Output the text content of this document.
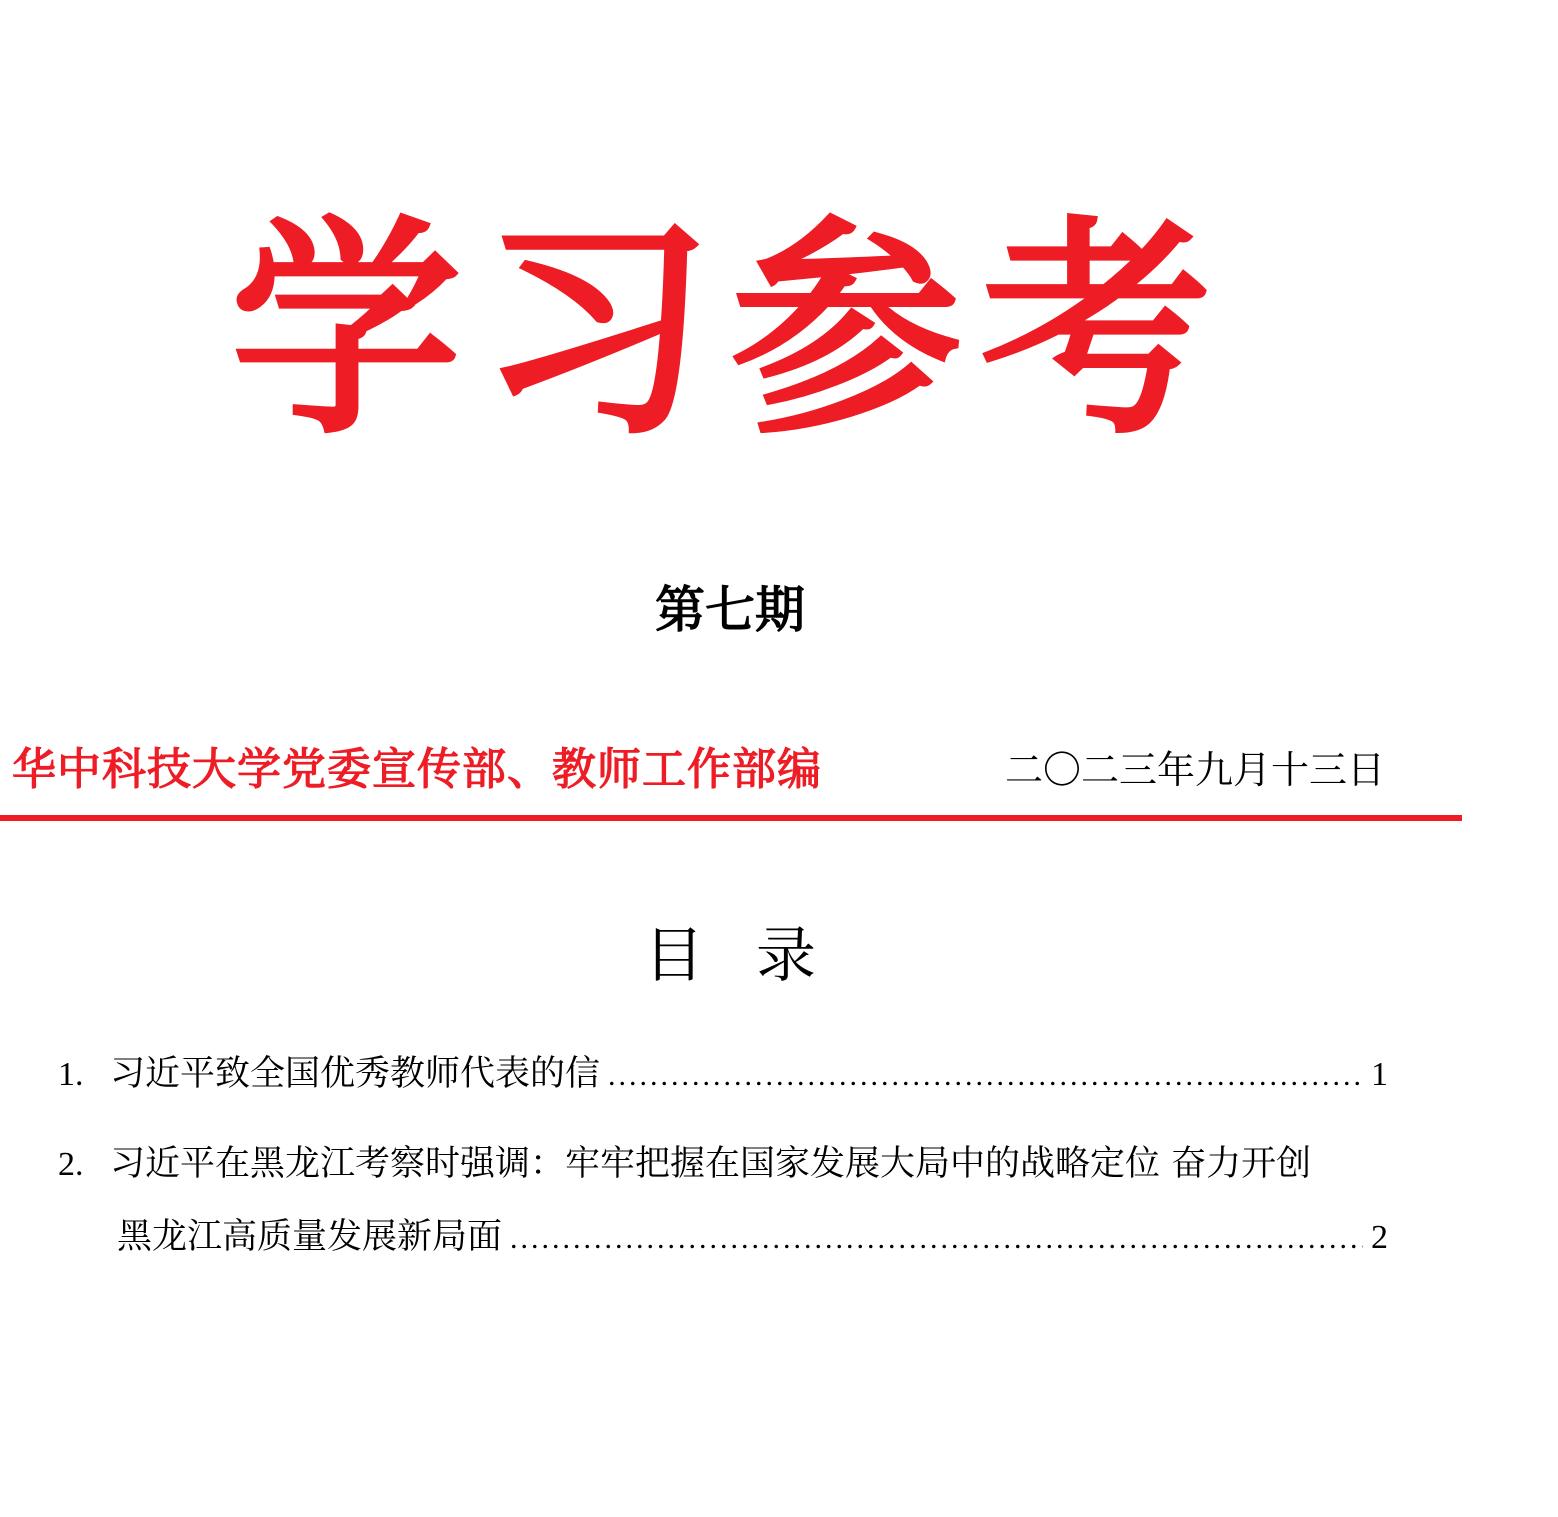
学习参考
第七期
华中科技大学党委宣传部、教师工作部编	二〇二三年九月十三日
目录
1. 习近平致全国优秀教师代表的信 .....	1
2. 习近平在黑龙江考察时强调：牢牢把握在国家发展大局中的战略定位 奋力开创
黑龙江高质量发展新局面 .....	2
